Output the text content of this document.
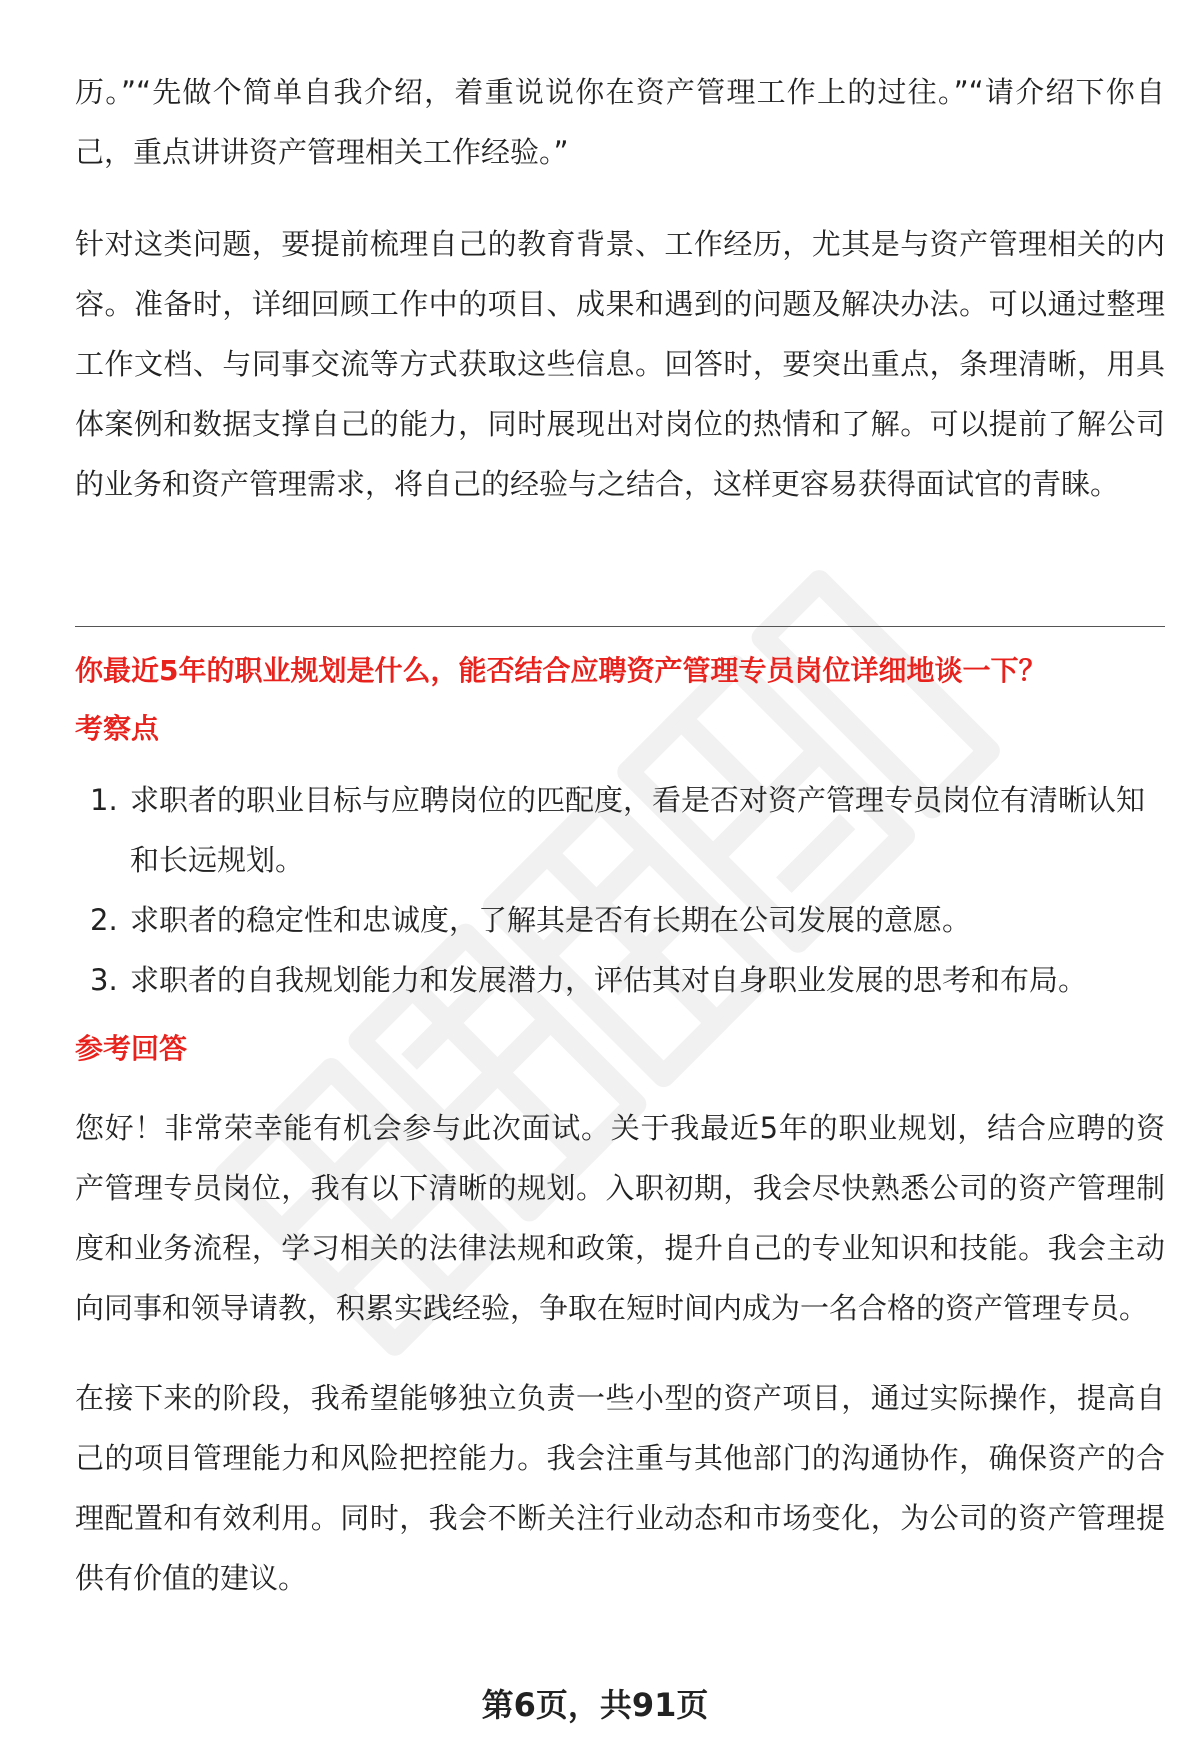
历。”“先做个简单自我介绍，着重说说你在资产管理工作上的过往。”“请介绍下你自己，重点讲讲资产管理相关工作经验。”

针对这类问题，要提前梳理自己的教育背景、工作经历，尤其是与资产管理相关的内容。准备时，详细回顾工作中的项目、成果和遇到的问题及解决办法。可以通过整理工作文档、与同事交流等方式获取这些信息。回答时，要突出重点，条理清晰，用具体案例和数据支撑自己的能力，同时展现出对岗位的热情和了解。可以提前了解公司的业务和资产管理需求，将自己的经验与之结合，这样更容易获得面试官的青睐。

你最近5年的职业规划是什么，能否结合应聘资产管理专员岗位详细地谈一下？

考察点

1. 求职者的职业目标与应聘岗位的匹配度，看是否对资产管理专员岗位有清晰认知和长远规划。
2. 求职者的稳定性和忠诚度，了解其是否有长期在公司发展的意愿。
3. 求职者的自我规划能力和发展潜力，评估其对自身职业发展的思考和布局。

参考回答

您好！非常荣幸能有机会参与此次面试。关于我最近5年的职业规划，结合应聘的资产管理专员岗位，我有以下清晰的规划。入职初期，我会尽快熟悉公司的资产管理制度和业务流程，学习相关的法律法规和政策，提升自己的专业知识和技能。我会主动向同事和领导请教，积累实践经验，争取在短时间内成为一名合格的资产管理专员。

在接下来的阶段，我希望能够独立负责一些小型的资产项目，通过实际操作，提高自己的项目管理能力和风险把控能力。我会注重与其他部门的沟通协作，确保资产的合理配置和有效利用。同时，我会不断关注行业动态和市场变化，为公司的资产管理提供有价值的建议。

第6页，共91页
